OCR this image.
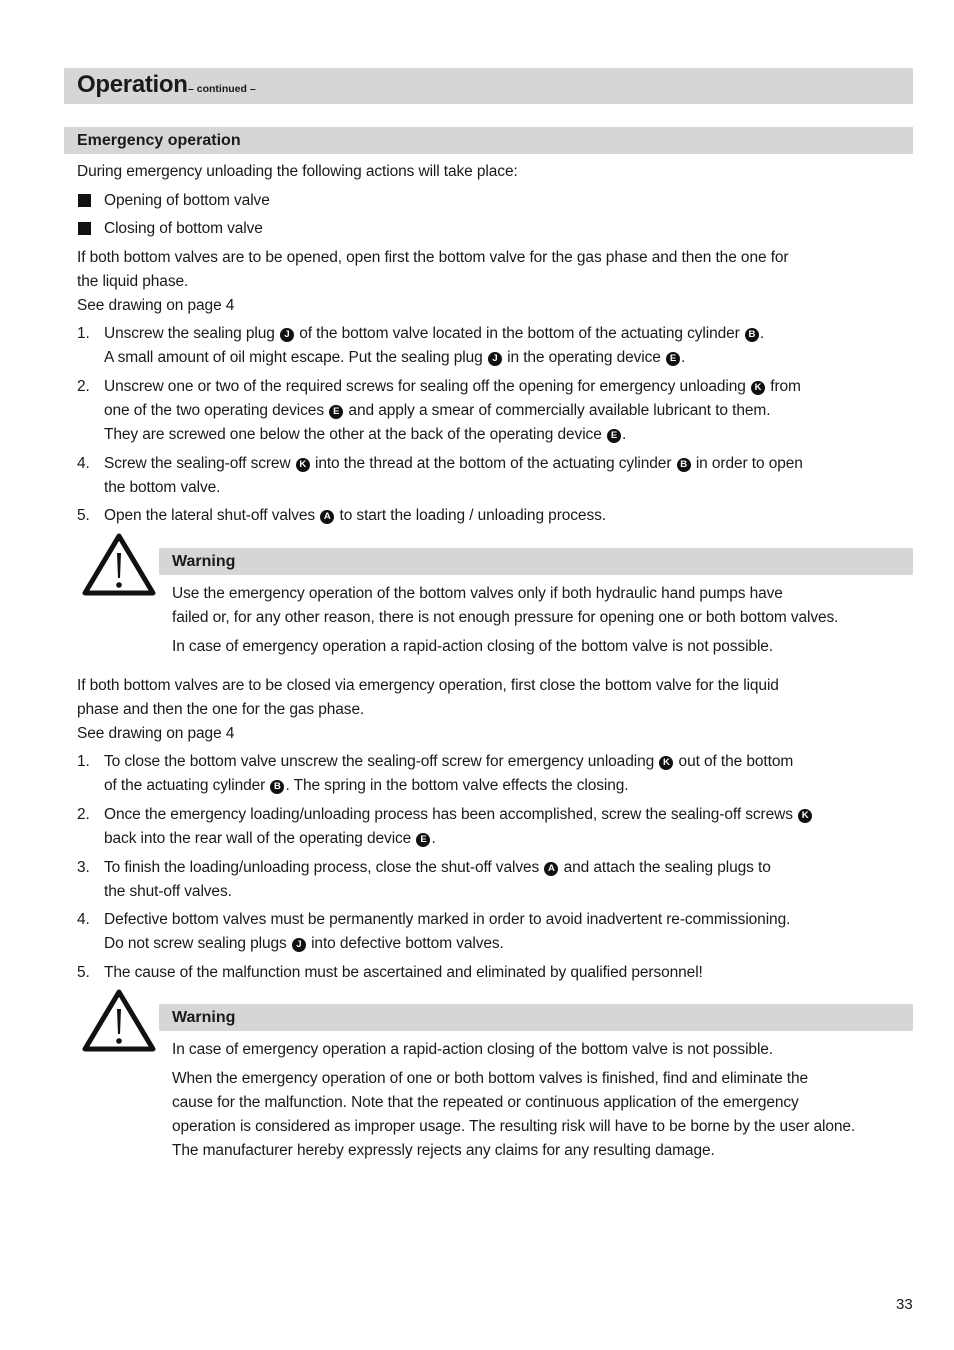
Operation – continued –
Emergency operation
During emergency unloading the following actions will take place:
Opening of bottom valve
Closing of bottom valve
If both bottom valves are to be opened, open first the bottom valve for the gas phase and then the one for
the liquid phase.
See drawing on page 4
1. Unscrew the sealing plug J of the bottom valve located in the bottom of the actuating cylinder B .
A small amount of oil might escape. Put the sealing plug J in the operating device E .
2. Unscrew one or two of the required screws for sealing off the opening for emergency unloading K from
one of the two operating devices E and apply a smear of commercially available lubricant to them.
They are screwed one below the other at the back of the operating device E .
4. Screw the sealing-off screw K into the thread at the bottom of the actuating cylinder B in order to open
the bottom valve.
5. Open the lateral shut-off valves A to start the loading / unloading process.
Warning
Use the emergency operation of the bottom valves only if both hydraulic hand pumps have
failed or, for any other reason, there is not enough pressure for opening one or both bottom valves.
In case of emergency operation a rapid-action closing of the bottom valve is not possible.
If both bottom valves are to be closed via emergency operation, first close the bottom valve for the liquid
phase and then the one for the gas phase.
See drawing on page 4
1. To close the bottom valve unscrew the sealing-off screw for emergency unloading K out of the bottom
of the actuating cylinder B . The spring in the bottom valve effects the closing.
2. Once the emergency loading/unloading process has been accomplished, screw the sealing-off screws K
back into the rear wall of the operating device E .
3. To finish the loading/unloading process, close the shut-off valves A and attach the sealing plugs to
the shut-off valves.
4. Defective bottom valves must be permanently marked in order to avoid inadvertent re-commissioning.
Do not screw sealing plugs J into defective bottom valves.
5. The cause of the malfunction must be ascertained and eliminated by qualified personnel!
Warning
In case of emergency operation a rapid-action closing of the bottom valve is not possible.
When the emergency operation of one or both bottom valves is finished, find and eliminate the
cause for the malfunction. Note that the repeated or continuous application of the emergency
operation is considered as improper usage. The resulting risk will have to be borne by the user alone.
The manufacturer hereby expressly rejects any claims for any resulting damage.
33
